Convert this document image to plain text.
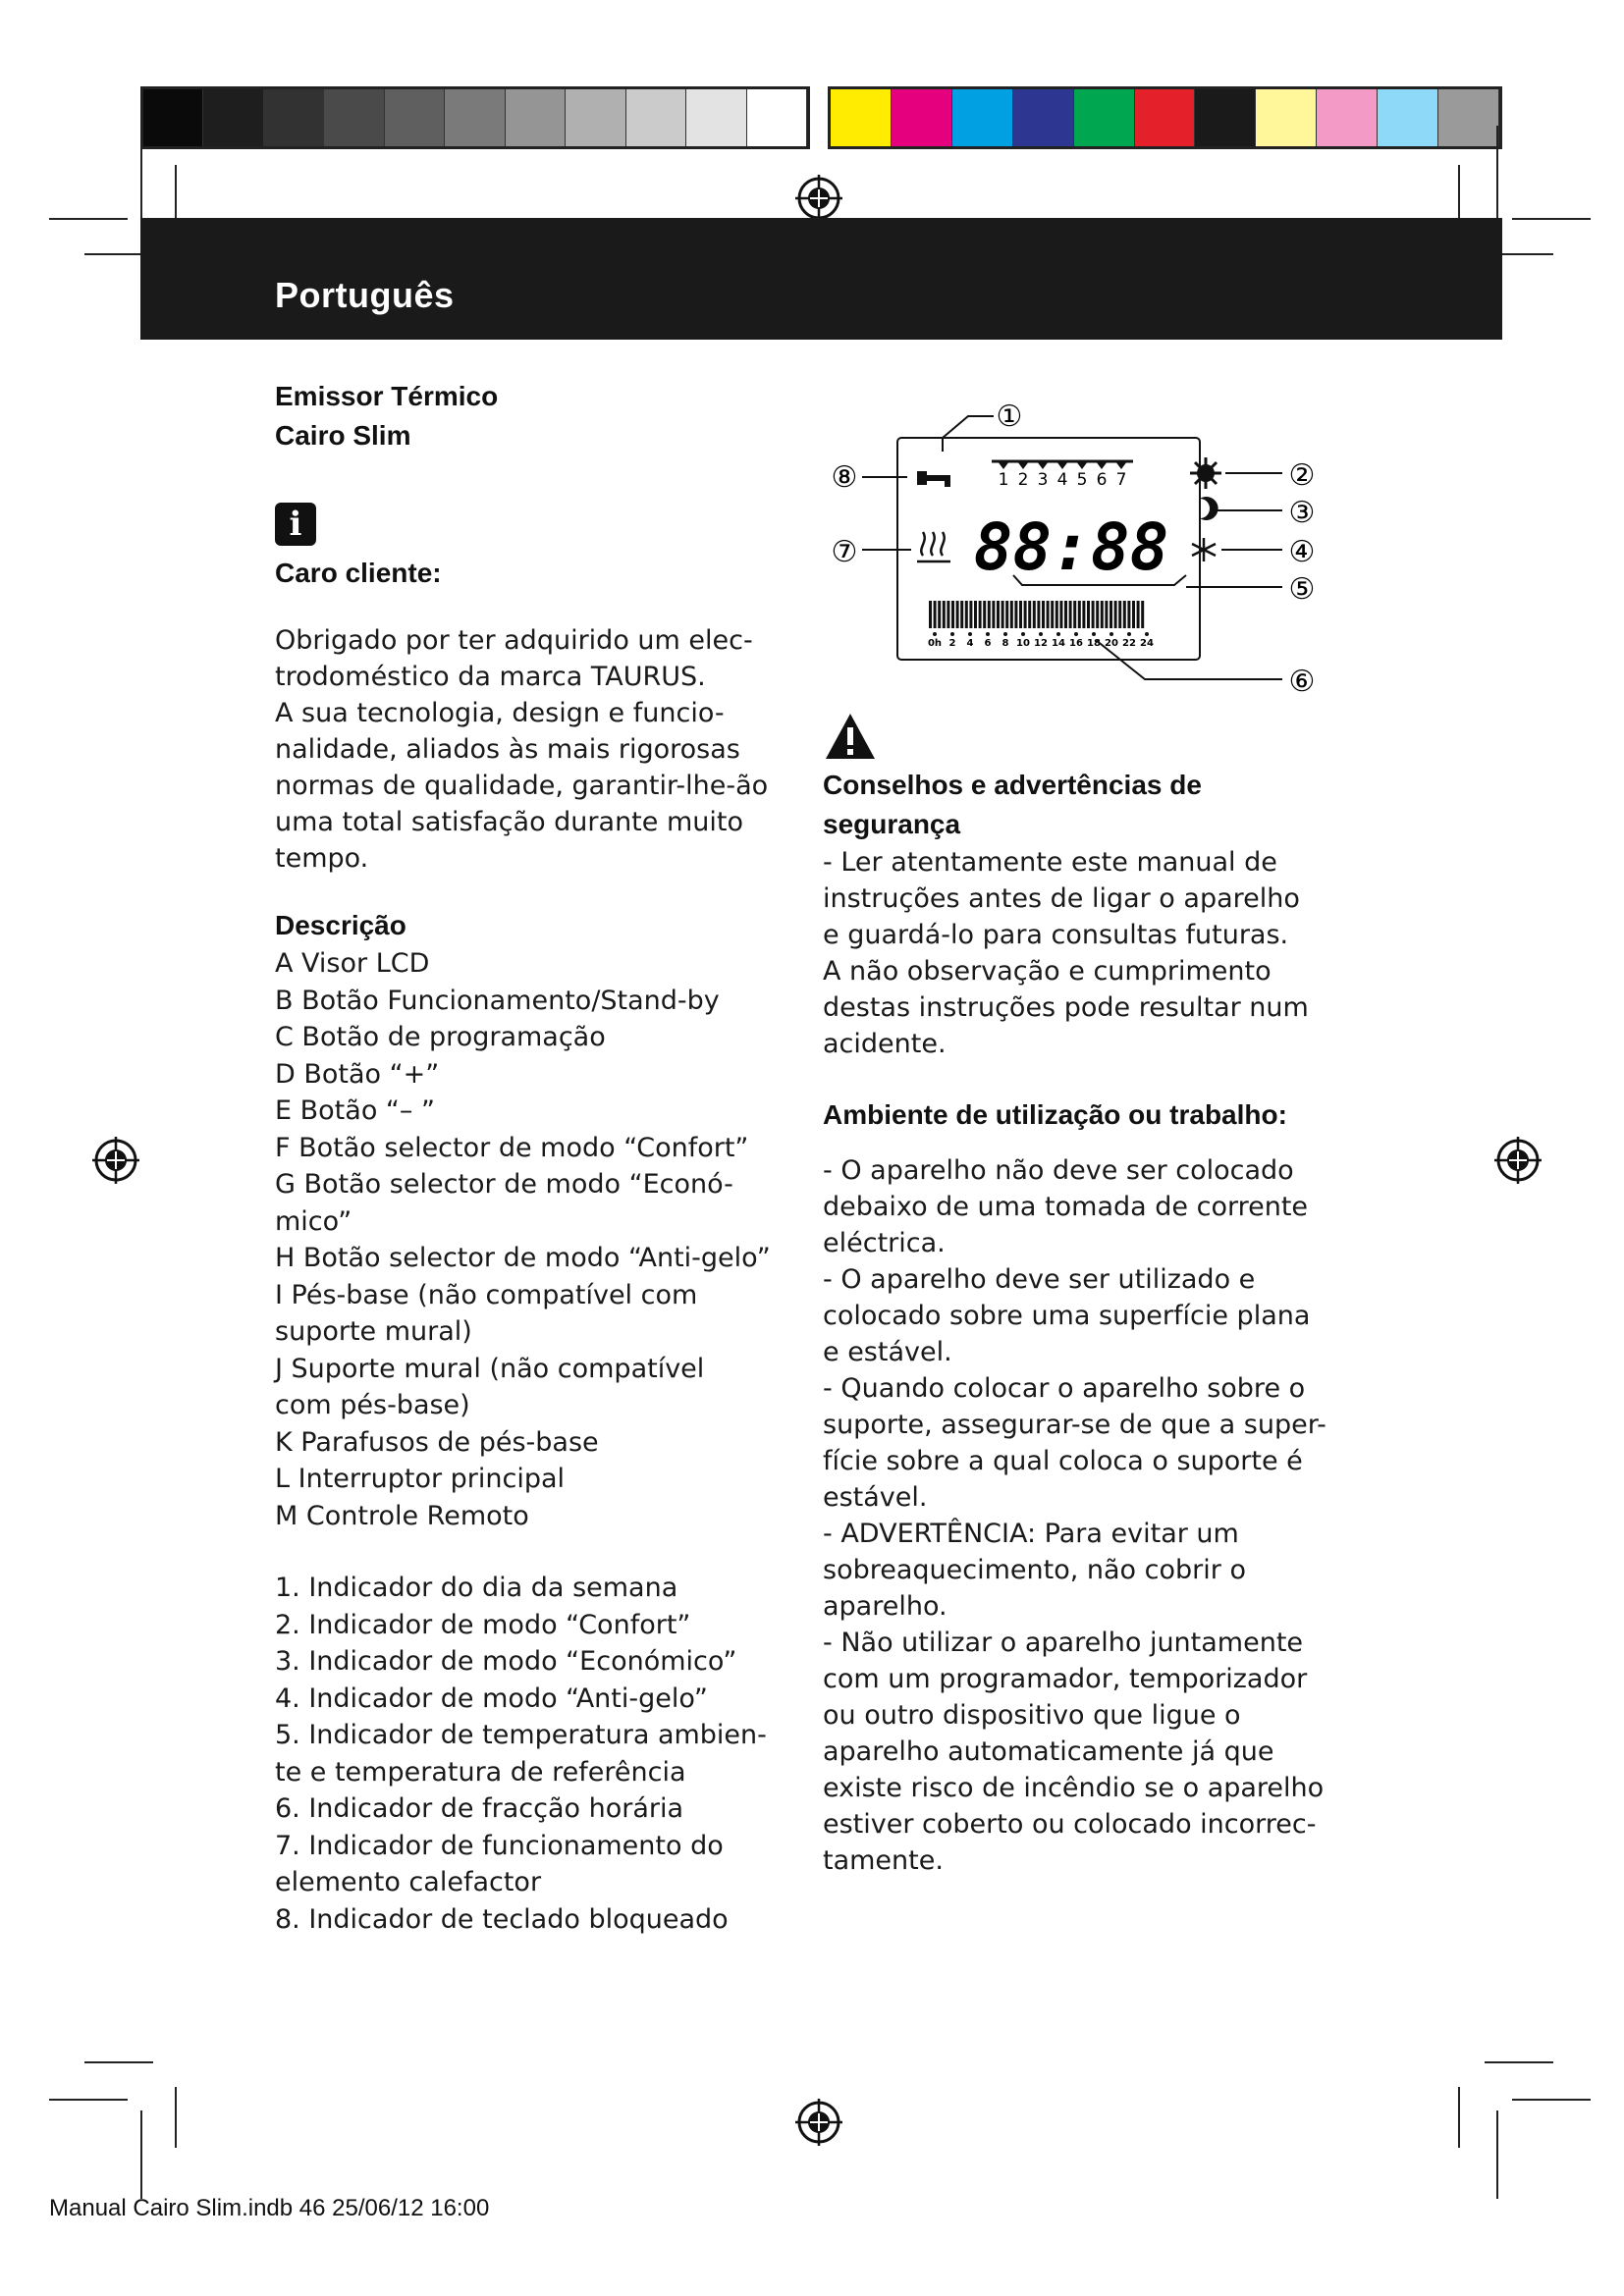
Português
Emissor Térmico
Cairo Slim
i
Caro cliente:

Obrigado por ter adquirido um elec-

trodoméstico da marca TAURUS.

A sua tecnologia, design e funcio-

nalidade, aliados às mais rigorosas

normas de qualidade, garantir-lhe-ão

uma total satisfação durante muito

tempo.

Descrição
A Visor LCD
B Botão Funcionamento/Stand-by
C Botão de programação
D Botão “+”
E Botão “– ”
F Botão selector de modo “Confort”
G Botão selector de modo “Econó-
mico”
H Botão selector de modo “Anti-gelo”
I Pés-base (não compatível com
suporte mural)
J Suporte mural (não compatível
com pés-base)
K Parafusos de pés-base
L Interruptor principal
M Controle Remoto
1. Indicador do dia da semana
2. Indicador de modo “Confort”
3. Indicador de modo “Económico”
4. Indicador de modo “Anti-gelo”
5. Indicador de temperatura ambien-
te e temperatura de referência
6. Indicador de fracção horária
7. Indicador de funcionamento do
elemento calefactor
8. Indicador de teclado bloqueado
①
1 2 3 4 5 6 7
⑧	②
③
④
⑦ 88:88
⑤
0h 2 4 6 8 10 12 14 16 18 20 22 24
⑥
Conselhos e advertências de segurança

- Ler atentamente este manual de

instruções antes de ligar o aparelho

e guardá-lo para consultas futuras.

A não observação e cumprimento

destas instruções pode resultar num

acidente.

Ambiente de utilização ou trabalho:

- O aparelho não deve ser colocado

debaixo de uma tomada de corrente

eléctrica.

- O aparelho deve ser utilizado e

colocado sobre uma superfície plana

e estável.

- Quando colocar o aparelho sobre o

suporte, assegurar-se de que a super-

fície sobre a qual coloca o suporte é

estável.

- ADVERTÊNCIA: Para evitar um

sobreaquecimento, não cobrir o

aparelho.

- Não utilizar o aparelho juntamente

com um programador, temporizador

ou outro dispositivo que ligue o

aparelho automaticamente já que

existe risco de incêndio se o aparelho

estiver coberto ou colocado incorrec-

tamente.

Manual Cairo Slim.indb 46 25/06/12 16:00
